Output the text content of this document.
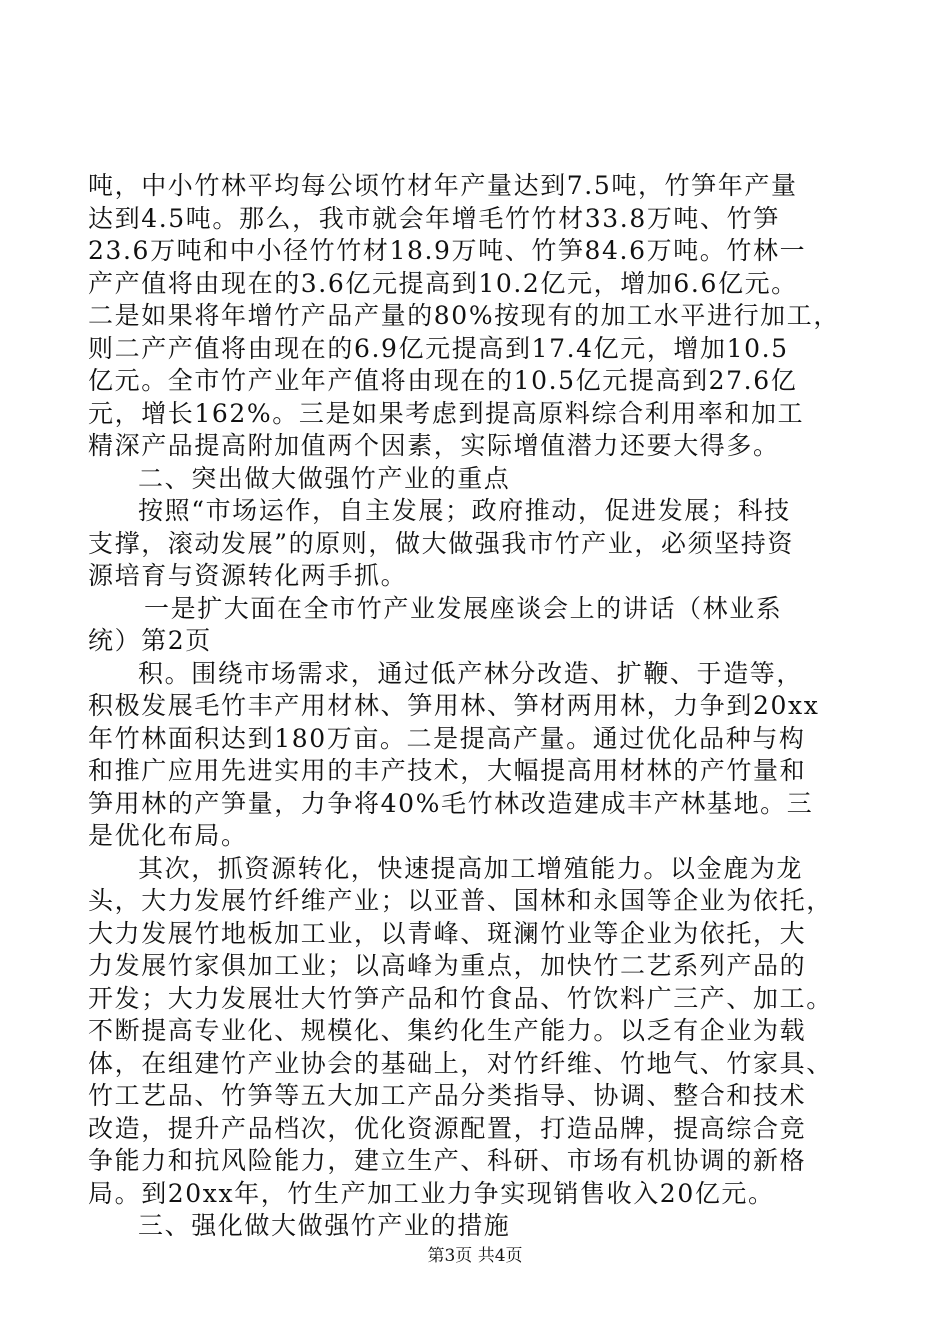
吨，中小竹林平均每公顷竹材年产量达到7.5吨，竹笋年产量
达到4.5吨。那么，我市就会年增毛竹竹材33.8万吨、竹笋
23.6万吨和中小径竹竹材18.9万吨、竹笋84.6万吨。竹林一
产产值将由现在的3.6亿元提高到10.2亿元，增加6.6亿元。
二是如果将年增竹产品产量的80%按现有的加工水平进行加工，
则二产产值将由现在的6.9亿元提高到17.4亿元，增加10.5
亿元。全市竹产业年产值将由现在的10.5亿元提高到27.6亿
元，增长162%。三是如果考虑到提高原料综合利用率和加工
精深产品提高附加值两个因素，实际增值潜力还要大得多。
二、突出做大做强竹产业的重点
按照“市场运作，自主发展；政府推动，促进发展；科技
支撑，滚动发展”的原则，做大做强我市竹产业，必须坚持资
源培育与资源转化两手抓。
一是扩大面在全市竹产业发展座谈会上的讲话（林业系
统）第2页
积。围绕市场需求，通过低产林分改造、扩鞭、于造等，
积极发展毛竹丰产用材林、笋用林、笋材两用林，力争到20xx
年竹林面积达到180万亩。二是提高产量。通过优化品种与构
和推广应用先进实用的丰产技术，大幅提高用材林的产竹量和
笋用林的产笋量，力争将40%毛竹林改造建成丰产林基地。三
是优化布局。
其次，抓资源转化，快速提高加工增殖能力。以金鹿为龙
头，大力发展竹纤维产业；以亚普、国林和永国等企业为依托，
大力发展竹地板加工业，以青峰、斑澜竹业等企业为依托，大
力发展竹家俱加工业；以高峰为重点，加快竹二艺系列产品的
开发；大力发展壮大竹笋产品和竹食品、竹饮料广三产、加工。
不断提高专业化、规模化、集约化生产能力。以乏有企业为载
体，在组建竹产业协会的基础上，对竹纤维、竹地气、竹家具、
竹工艺品、竹笋等五大加工产品分类指导、协调、整合和技术
改造，提升产品档次，优化资源配置，打造品牌，提高综合竞
争能力和抗风险能力，建立生产、科研、市场有机协调的新格
局。到20xx年，竹生产加工业力争实现销售收入20亿元。
三、强化做大做强竹产业的措施
第3页 共4页
